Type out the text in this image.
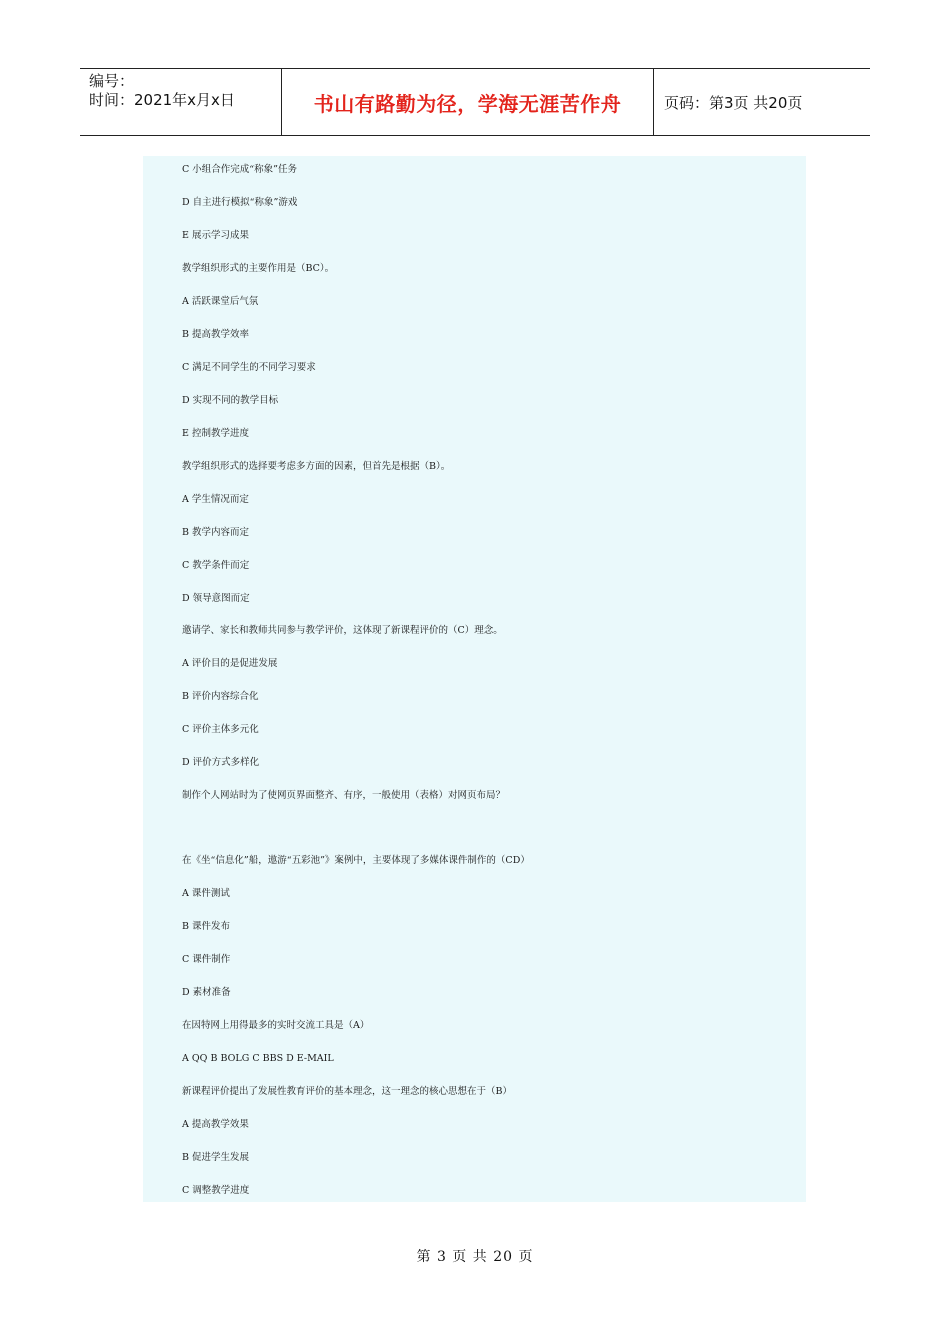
编号：
时间：2021年x月x日	书山有路勤为径，学海无涯苦作舟	页码：第3页 共20页
C 小组合作完成“称象”任务
D 自主进行模拟“称象”游戏
E 展示学习成果
教学组织形式的主要作用是（BC）。
A 活跃课堂后气氛
B 提高教学效率
C 满足不同学生的不同学习要求
D 实现不同的教学目标
E 控制教学进度
教学组织形式的选择要考虑多方面的因素，但首先是根据（B）。
A 学生情况而定
B 教学内容而定
C 教学条件而定
D 领导意图而定
邀请学、家长和教师共同参与教学评价，这体现了新课程评价的（C）理念。
A 评价目的是促进发展
B 评价内容综合化
C 评价主体多元化
D 评价方式多样化
制作个人网站时为了使网页界面整齐、有序，一般使用（表格）对网页布局？
在《坐“信息化”船，遨游“五彩池”》案例中，主要体现了多媒体课件制作的（CD）
A 课件测试
B 课件发布
C 课件制作
D 素材准备
在因特网上用得最多的实时交流工具是（A）
A QQ B BOLG C BBS D E-MAIL
新课程评价提出了发展性教育评价的基本理念，这一理念的核心思想在于（B）
A 提高教学效果
B 促进学生发展
C 调整教学进度
第 3 页 共 20 页
